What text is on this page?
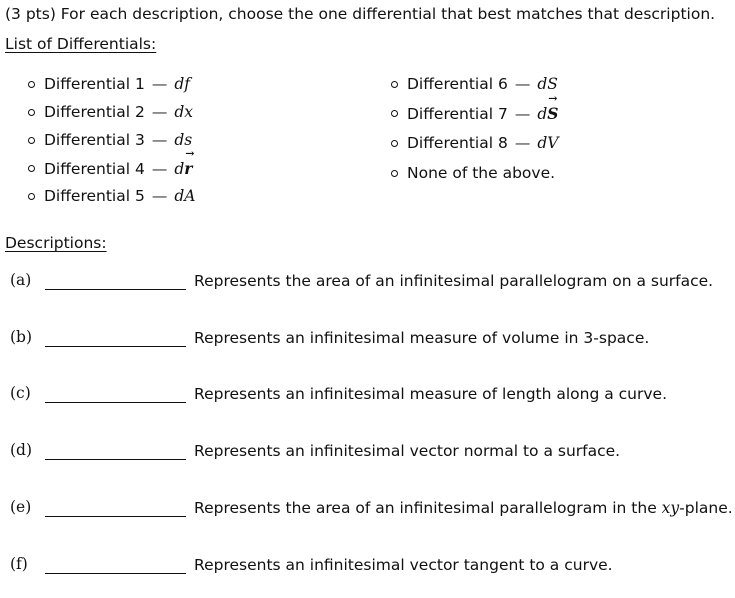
(3 pts) For each description, choose the one differential that best matches that description.
List of Differentials:
Differential 1 — df
Differential 2 — dx
Differential 3 — ds
Differential 4 — d r →
Differential 5 — dA
Differential 6 — dS
Differential 7 — d S →
Differential 8 — dV
None of the above.
Descriptions:
(a)	Represents the area of an infinitesimal parallelogram on a surface.
(b)	Represents an infinitesimal measure of volume in 3-space.
(c)	Represents an infinitesimal measure of length along a curve.
(d)	Represents an infinitesimal vector normal to a surface.
(e)	Represents the area of an infinitesimal parallelogram in the xy-plane.
(f)	Represents an infinitesimal vector tangent to a curve.
